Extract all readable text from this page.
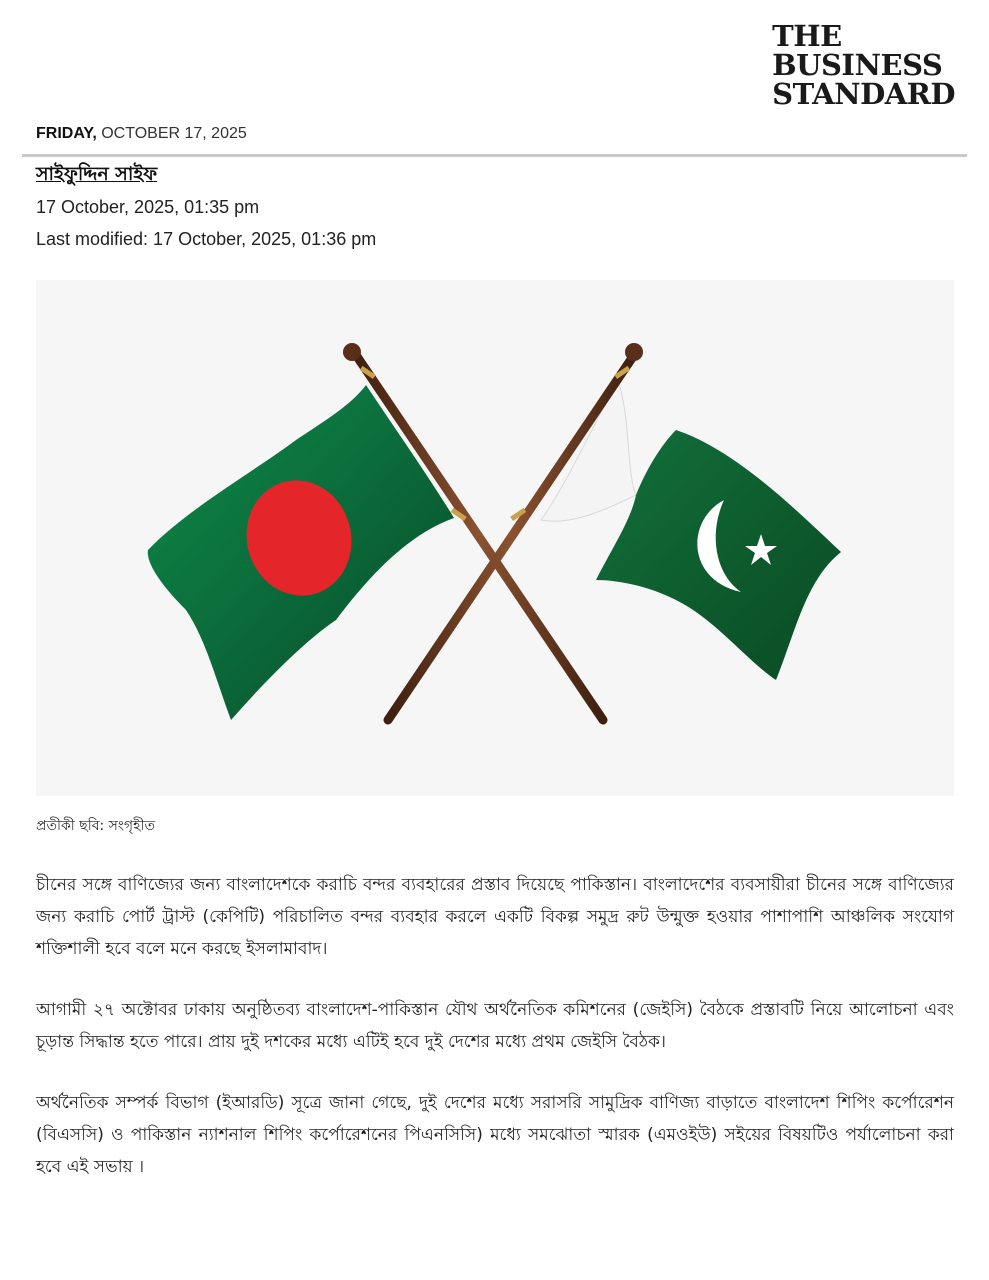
THE
BUSINESS
STANDARD
FRIDAY, OCTOBER 17, 2025
সাইফুদ্দিন সাইফ
17 October, 2025, 01:35 pm
Last modified: 17 October, 2025, 01:36 pm
প্রতীকী ছবি: সংগৃহীত

চীনের সঙ্গে বাণিজ্যের জন্য বাংলাদেশকে করাচি বন্দর ব্যবহারের প্রস্তাব দিয়েছে পাকিস্তান। বাংলাদেশের ব্যবসায়ীরা চীনের সঙ্গে বাণিজ্যের জন্য করাচি পোর্ট ট্রাস্ট (কেপিটি) পরিচালিত বন্দর ব্যবহার করলে একটি বিকল্প সমুদ্র রুট উন্মুক্ত হওয়ার পাশাপাশি আঞ্চলিক সংযোগ শক্তিশালী হবে বলে মনে করছে ইসলামাবাদ।

আগামী ২৭ অক্টোবর ঢাকায় অনুষ্ঠিতব্য বাংলাদেশ-পাকিস্তান যৌথ অর্থনৈতিক কমিশনের (জেইসি) বৈঠকে প্রস্তাবটি নিয়ে আলোচনা এবং চূড়ান্ত সিদ্ধান্ত হতে পারে। প্রায় দুই দশকের মধ্যে এটিই হবে দুই দেশের মধ্যে প্রথম জেইসি বৈঠক।

অর্থনৈতিক সম্পর্ক বিভাগ (ইআরডি) সূত্রে জানা গেছে, দুই দেশের মধ্যে সরাসরি সামুদ্রিক বাণিজ্য বাড়াতে বাংলাদেশ শিপিং কর্পোরেশন (বিএসসি) ও পাকিস্তান ন্যাশনাল শিপিং কর্পোরেশনের পিএনসিসি) মধ্যে সমঝোতা স্মারক (এমওইউ) সইয়ের বিষয়টিও পর্যালোচনা করা হবে এই সভায় ।
